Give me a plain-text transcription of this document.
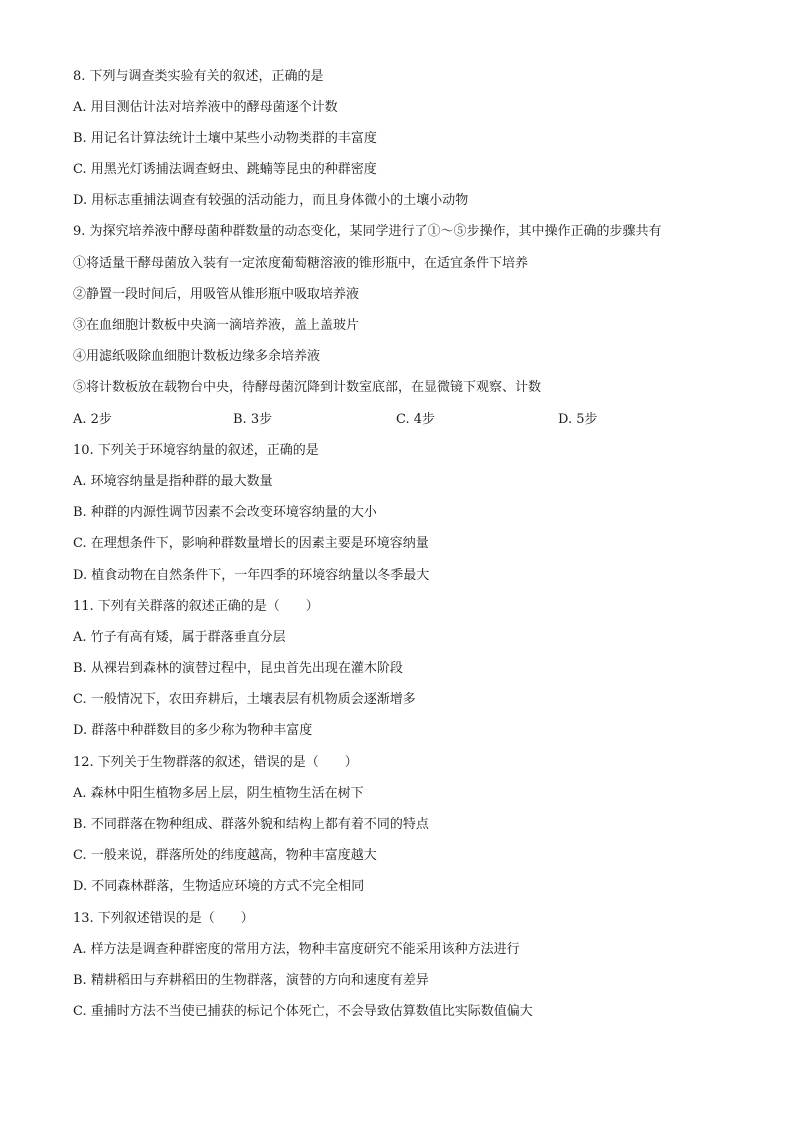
8. 下列与调查类实验有关的叙述，正确的是
A. 用目测估计法对培养液中的酵母菌逐个计数
B. 用记名计算法统计土壤中某些小动物类群的丰富度
C. 用黑光灯诱捕法调查蚜虫、跳蝻等昆虫的种群密度
D. 用标志重捕法调查有较强的活动能力，而且身体微小的土壤小动物
9. 为探究培养液中酵母菌种群数量的动态变化，某同学进行了①～⑤步操作，其中操作正确的步骤共有
①将适量干酵母菌放入装有一定浓度葡萄糖溶液的锥形瓶中，在适宜条件下培养
②静置一段时间后，用吸管从锥形瓶中吸取培养液
③在血细胞计数板中央滴一滴培养液，盖上盖玻片
④用滤纸吸除血细胞计数板边缘多余培养液
⑤将计数板放在载物台中央，待酵母菌沉降到计数室底部，在显微镜下观察、计数
A. 2步	B. 3步	C. 4步	D. 5步
10. 下列关于环境容纳量的叙述，正确的是
A. 环境容纳量是指种群的最大数量
B. 种群的内源性调节因素不会改变环境容纳量的大小
C. 在理想条件下，影响种群数量增长的因素主要是环境容纳量
D. 植食动物在自然条件下，一年四季的环境容纳量以冬季最大
11. 下列有关群落的叙述正确的是（　　）
A. 竹子有高有矮，属于群落垂直分层
B. 从裸岩到森林的演替过程中，昆虫首先出现在灌木阶段
C. 一般情况下，农田弃耕后，土壤表层有机物质会逐渐增多
D. 群落中种群数目的多少称为物种丰富度
12. 下列关于生物群落的叙述，错误的是（　　）
A. 森林中阳生植物多居上层，阴生植物生活在树下
B. 不同群落在物种组成、群落外貌和结构上都有着不同的特点
C. 一般来说，群落所处的纬度越高，物种丰富度越大
D. 不同森林群落，生物适应环境的方式不完全相同
13. 下列叙述错误的是（　　）
A. 样方法是调查种群密度的常用方法，物种丰富度研究不能采用该种方法进行
B. 精耕稻田与弃耕稻田的生物群落，演替的方向和速度有差异
C. 重捕时方法不当使已捕获的标记个体死亡，不会导致估算数值比实际数值偏大
